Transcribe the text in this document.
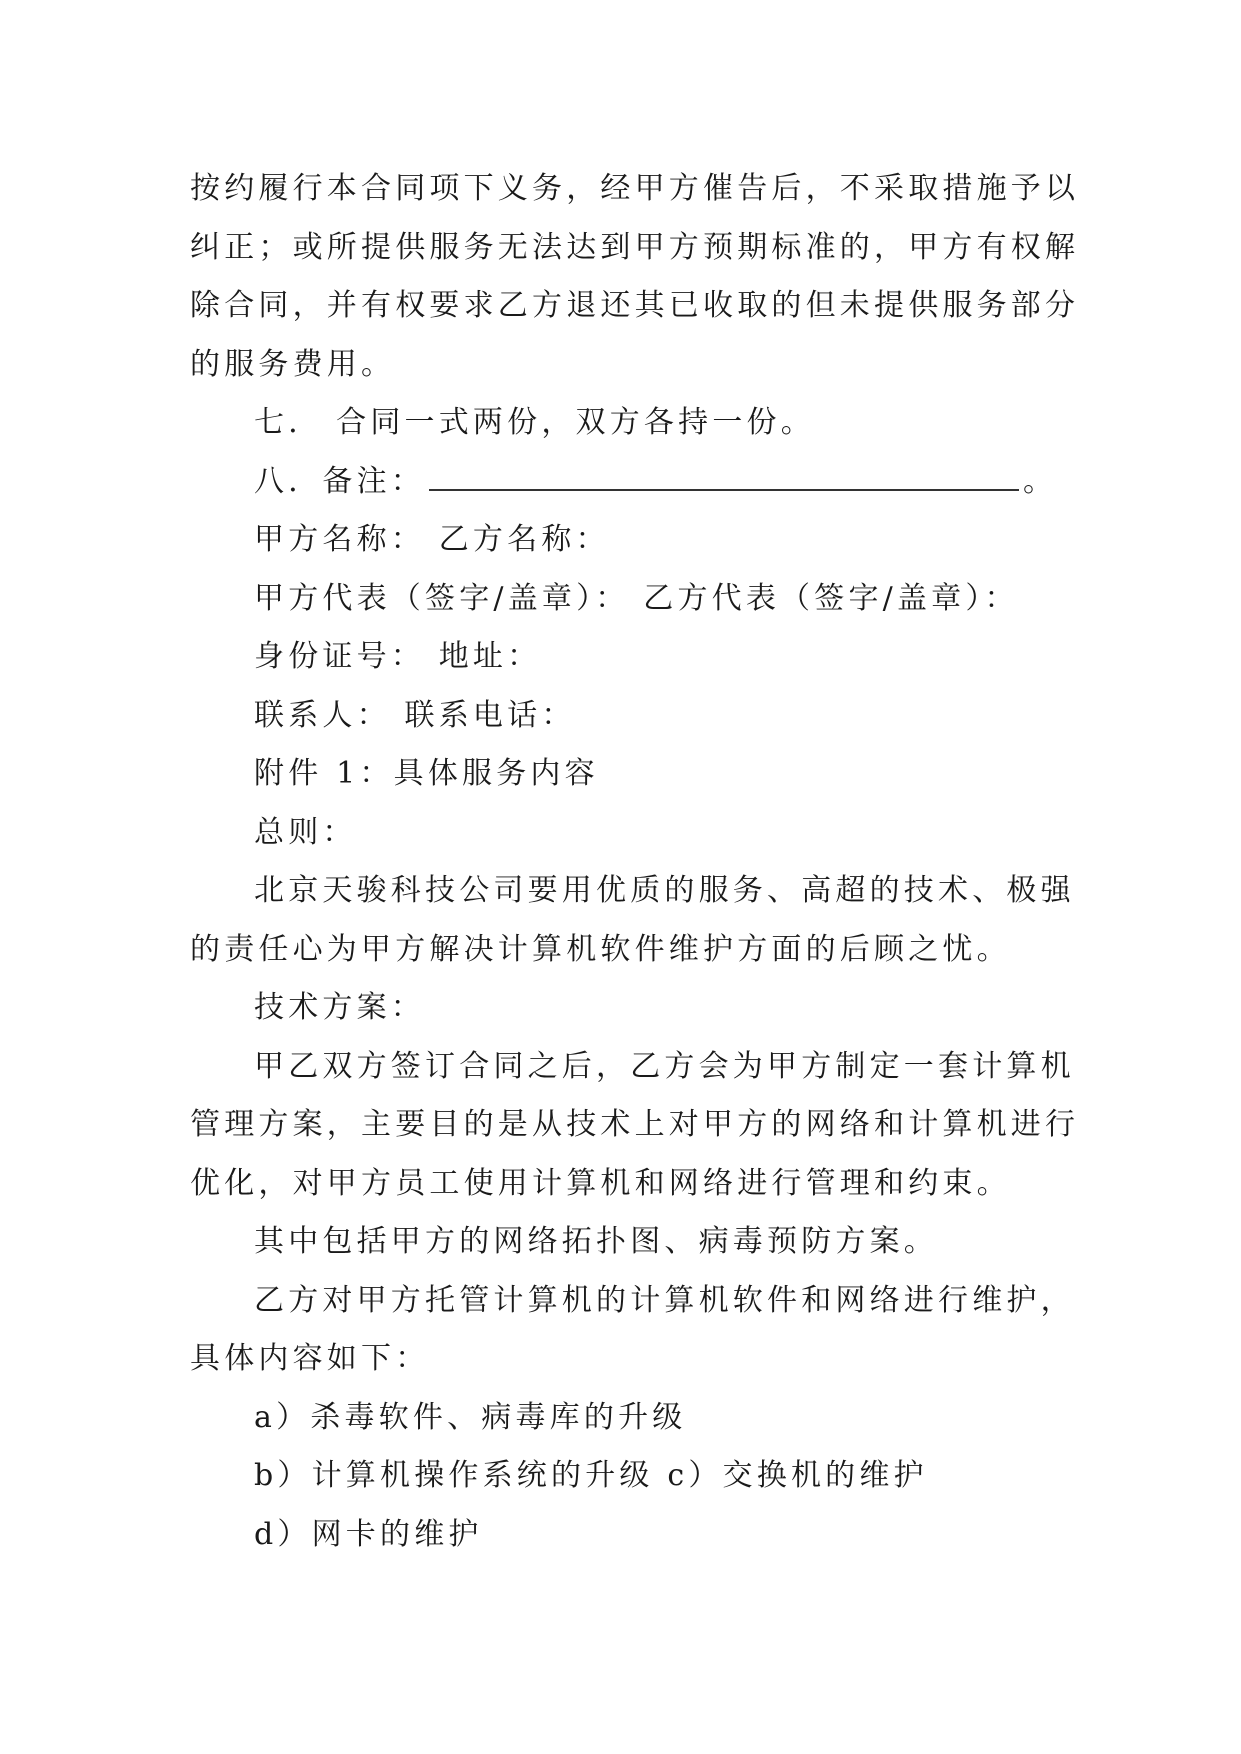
按约履行本合同项下义务，经甲方催告后，不采取措施予以

纠正；或所提供服务无法达到甲方预期标准的，甲方有权解

除合同，并有权要求乙方退还其已收取的但未提供服务部分

的服务费用。

七． 合同一式两份，双方各持一份。

八．备注：	。

甲方名称： 乙方名称：

甲方代表（签字/盖章）： 乙方代表（签字/盖章）：

身份证号： 地址：

联系人： 联系电话：

附件 1：具体服务内容

总则：

北京天骏科技公司要用优质的服务、高超的技术、极强

的责任心为甲方解决计算机软件维护方面的后顾之忧。

技术方案：

甲乙双方签订合同之后，乙方会为甲方制定一套计算机

管理方案，主要目的是从技术上对甲方的网络和计算机进行

优化，对甲方员工使用计算机和网络进行管理和约束。

其中包括甲方的网络拓扑图、病毒预防方案。

乙方对甲方托管计算机的计算机软件和网络进行维护，

具体内容如下：

a）杀毒软件、病毒库的升级

b）计算机操作系统的升级 c）交换机的维护

d）网卡的维护
